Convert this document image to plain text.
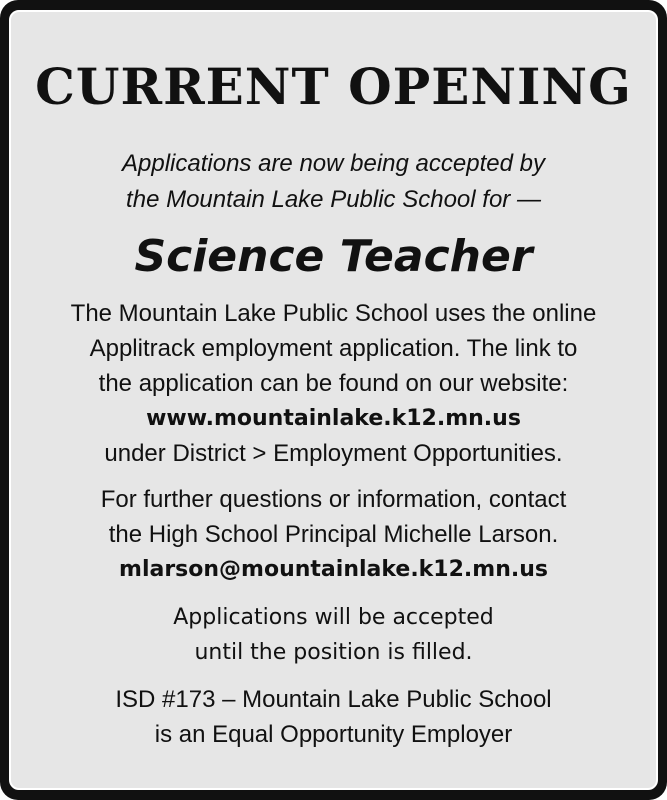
CURRENT OPENING
Applications are now being accepted by
the Mountain Lake Public School for —
Science Teacher
The Mountain Lake Public School uses the online
Applitrack employment application. The link to
the application can be found on our website:
www.mountainlake.k12.mn.us
under District > Employment Opportunities.
For further questions or information, contact
the High School Principal Michelle Larson.
mlarson@mountainlake.k12.mn.us
Applications will be accepted
until the position is filled.
ISD #173 – Mountain Lake Public School
is an Equal Opportunity Employer
